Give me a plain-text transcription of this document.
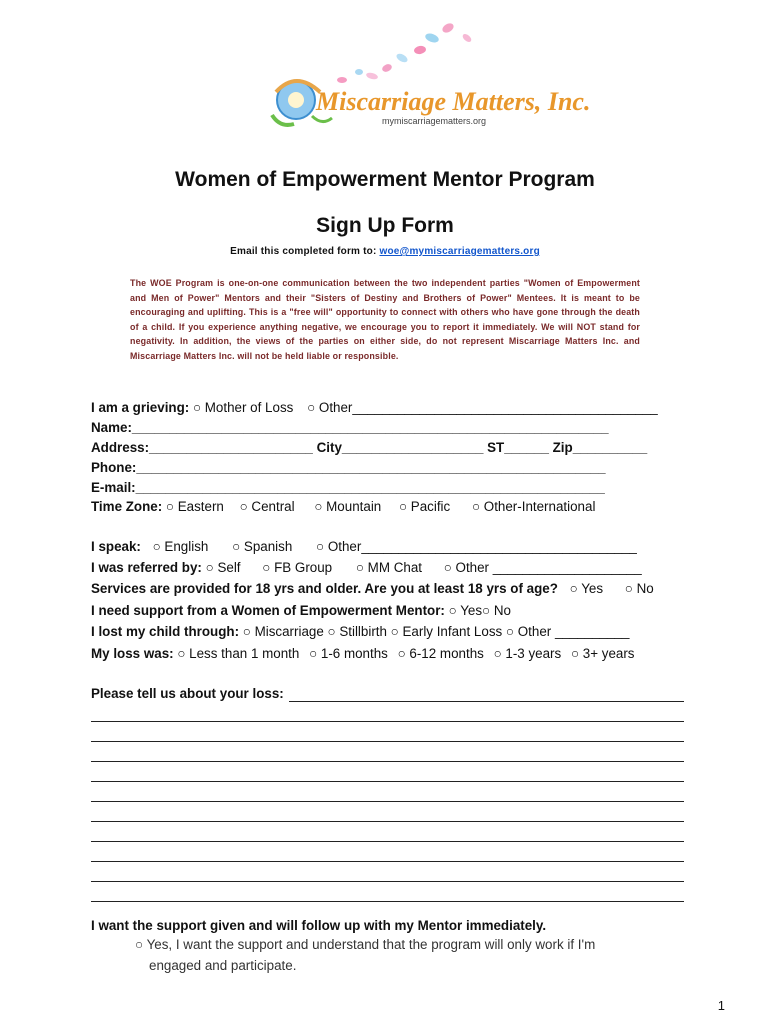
Miscarriage Matters, Inc.
mymiscarriagematters.org
Women of Empowerment Mentor Program
Sign Up Form
Email this completed form to: woe@mymiscarriagematters.org
The WOE Program is one-on-one communication between the two independent parties "Women of Empowerment and Men of Power" Mentors and their "Sisters of Destiny and Brothers of Power" Mentees. It is meant to be encouraging and uplifting. This is a "free will" opportunity to connect with others who have gone through the death of a child. If you experience anything negative, we encourage you to report it immediately. We will NOT stand for negativity. In addition, the views of the parties on either side, do not represent Miscarriage Matters Inc. and Miscarriage Matters Inc. will not be held liable or responsible.
I am a grieving: ○ Mother of Loss ○ Other_________________________________________
Name:________________________________________________________________
Address:______________________ City___________________ ST______ Zip__________
Phone:_______________________________________________________________
E-mail:_______________________________________________________________
Time Zone: ○ Eastern ○ Central ○ Mountain ○ Pacific ○ Other-International
I speak: ○ English ○ Spanish ○ Other_____________________________________
I was referred by: ○ Self ○ FB Group ○ MM Chat ○ Other ____________________
Services are provided for 18 yrs and older. Are you at least 18 yrs of age? ○ Yes ○ No
I need support from a Women of Empowerment Mentor: ○ Yes○ No
I lost my child through: ○ Miscarriage ○ Stillbirth ○ Early Infant Loss ○ Other __________
My loss was: ○ Less than 1 month ○ 1-6 months ○ 6-12 months ○ 1-3 years ○ 3+ years
Please tell us about your loss:
I want the support given and will follow up with my Mentor immediately.
○ Yes, I want the support and understand that the program will only work if I'm
engaged and participate.
1
